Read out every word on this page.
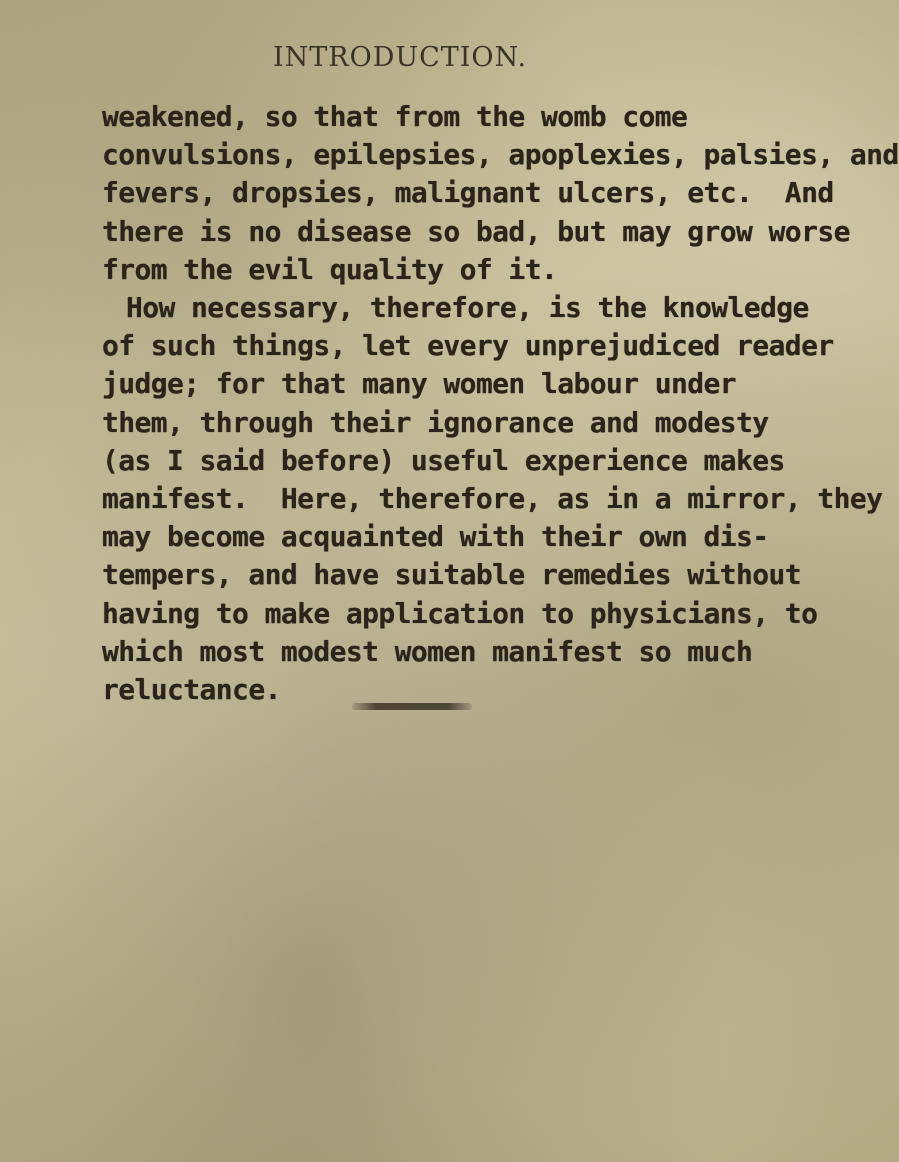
INTRODUCTION.
weakened, so that from the womb come
convulsions, epilepsies, apoplexies, palsies, and
fevers, dropsies, malignant ulcers, etc.  And
there is no disease so bad, but may grow worse
from the evil quality of it.
How necessary, therefore, is the knowledge
of such things, let every unprejudiced reader
judge; for that many women labour under
them, through their ignorance and modesty
(as I said before) useful experience makes
manifest.  Here, therefore, as in a mirror, they
may become acquainted with their own dis-
tempers, and have suitable remedies without
having to make application to physicians, to
which most modest women manifest so much
reluctance.
